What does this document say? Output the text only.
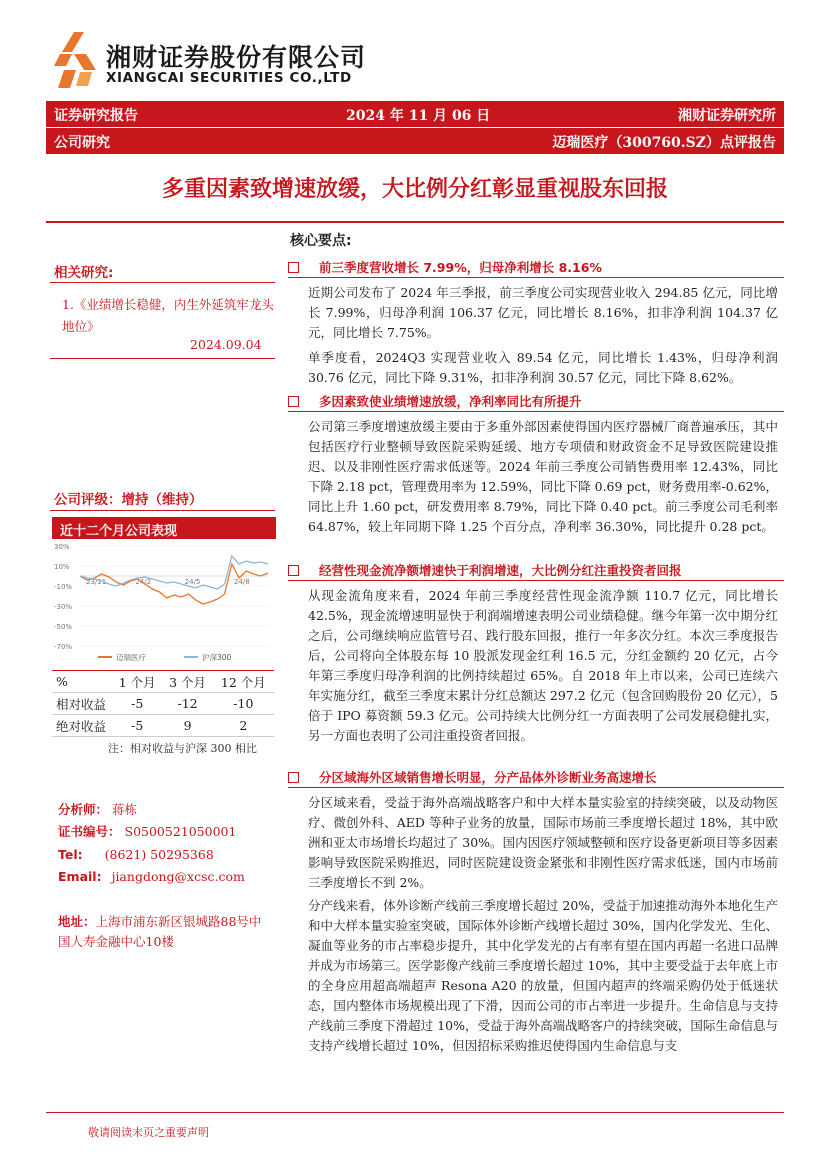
湘财证券股份有限公司
XIANGCAI SECURITIES CO.,LTD
证券研究报告	2024 年 11 月 06 日	湘财证券研究所
公司研究	迈瑞医疗（300760.SZ）点评报告
多重因素致增速放缓，大比例分红彰显重视股东回报
相关研究:
1.《业绩增长稳健，内生外延筑牢龙头地位》
2024.09.04
公司评级：增持（维持）
近十二个月公司表现
30%
10%
-10%
-30%
-50%
-70%
23/11	24/2	24/5	24/8
迈瑞医疗	沪深300
%	1 个月	3 个月	12 个月
相对收益	-5	-12	-10
绝对收益	-5	9	2
注：相对收益与沪深 300 相比
分析师： 蒋栋
证书编号： S0500521050001
Tel: (8621) 50295368
Email: jiangdong@xcsc.com
地址：上海市浦东新区银城路88号中国人寿金融中心10楼
核心要点:
前三季度营收增长 7.99%，归母净利增长 8.16%
近期公司发布了 2024 年三季报，前三季度公司实现营业收入 294.85 亿元，同比增长 7.99%，归母净利润 106.37 亿元，同比增长 8.16%，扣非净利润 104.37 亿元，同比增长 7.75%。
单季度看，2024Q3 实现营业收入 89.54 亿元，同比增长 1.43%，归母净利润 30.76 亿元，同比下降 9.31%，扣非净利润 30.57 亿元，同比下降 8.62%。
多因素致使业绩增速放缓，净利率同比有所提升
公司第三季度增速放缓主要由于多重外部因素使得国内医疗器械厂商普遍承压，其中包括医疗行业整顿导致医院采购延缓、地方专项债和财政资金不足导致医院建设推迟、以及非刚性医疗需求低迷等。2024 年前三季度公司销售费用率 12.43%，同比下降 2.18 pct，管理费用率为 12.59%，同比下降 0.69 pct，财务费用率-0.62%，同比上升 1.60 pct，研发费用率 8.79%，同比下降 0.40 pct。前三季度公司毛利率 64.87%，较上年同期下降 1.25 个百分点，净利率 36.30%，同比提升 0.28 pct。
经营性现金流净额增速快于利润增速，大比例分红注重投资者回报
从现金流角度来看，2024 年前三季度经营性现金流净额 110.7 亿元，同比增长 42.5%，现金流增速明显快于利润端增速表明公司业绩稳健。继今年第一次中期分红之后，公司继续响应监管号召、践行股东回报，推行一年多次分红。本次三季度报告后，公司将向全体股东每 10 股派发现金红利 16.5 元，分红金额约 20 亿元，占今年第三季度归母净利润的比例持续超过 65%。自 2018 年上市以来，公司已连续六年实施分红，截至三季度末累计分红总额达 297.2 亿元（包含回购股份 20 亿元），5 倍于 IPO 募资额 59.3 亿元。公司持续大比例分红一方面表明了公司发展稳健扎实，另一方面也表明了公司注重投资者回报。
分区域海外区域销售增长明显，分产品体外诊断业务高速增长
分区域来看，受益于海外高端战略客户和中大样本量实验室的持续突破，以及动物医疗、微创外科、AED 等种子业务的放量，国际市场前三季度增长超过 18%，其中欧洲和亚太市场增长均超过了 30%。国内因医疗领域整顿和医疗设备更新项目等多因素影响导致医院采购推迟，同时医院建设资金紧张和非刚性医疗需求低迷，国内市场前三季度增长不到 2%。
分产线来看，体外诊断产线前三季度增长超过 20%，受益于加速推动海外本地化生产和中大样本量实验室突破，国际体外诊断产线增长超过 30%，国内化学发光、生化、凝血等业务的市占率稳步提升，其中化学发光的占有率有望在国内再超一名进口品牌并成为市场第三。医学影像产线前三季度增长超过 10%，其中主要受益于去年底上市的全身应用超高端超声 Resona A20 的放量，但国内超声的终端采购仍处于低迷状态，国内整体市场规模出现了下滑，因而公司的市占率进一步提升。生命信息与支持产线前三季度下滑超过 10%，受益于海外高端战略客户的持续突破，国际生命信息与支持产线增长超过 10%，但因招标采购推迟使得国内生命信息与支
敬请阅读末页之重要声明
